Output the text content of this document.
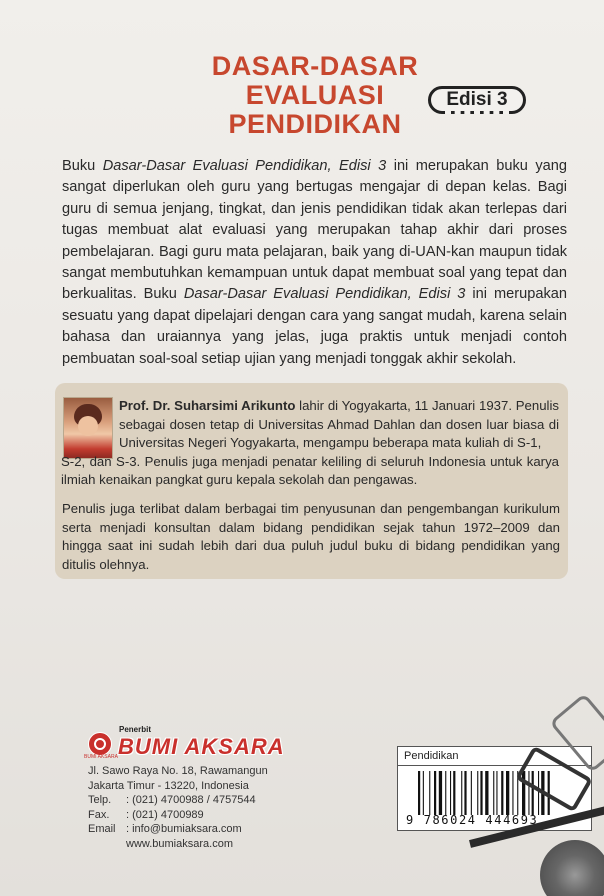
DASAR-DASAR
EVALUASI
PENDIDIKAN
Edisi 3

Buku Dasar-Dasar Evaluasi Pendidikan, Edisi 3 ini merupakan buku yang sangat diperlukan oleh guru yang bertugas mengajar di depan kelas. Bagi guru di semua jenjang, tingkat, dan jenis pendidikan tidak akan terlepas dari tugas membuat alat evaluasi yang merupakan tahap akhir dari proses pembelajaran. Bagi guru mata pelajaran, baik yang di-UAN-kan maupun tidak sangat membutuhkan kemampuan untuk dapat membuat soal yang tepat dan berkualitas. Buku Dasar-Dasar Evaluasi Pendidikan, Edisi 3 ini merupakan sesuatu yang dapat dipelajari dengan cara yang sangat mudah, karena selain bahasa dan uraiannya yang jelas, juga praktis untuk menjadi contoh pembuatan soal-soal setiap ujian yang menjadi tonggak akhir sekolah.

Prof. Dr. Suharsimi Arikunto lahir di Yogyakarta, 11 Januari 1937. Penulis sebagai dosen tetap di Universitas Ahmad Dahlan dan dosen luar biasa di Universitas Negeri Yogyakarta, mengampu beberapa mata kuliah di S-1,

S-2, dan S-3. Penulis juga menjadi penatar keliling di seluruh Indonesia untuk karya ilmiah kenaikan pangkat guru kepala sekolah dan pengawas.

Penulis juga terlibat dalam berbagai tim penyusunan dan pengembangan kurikulum serta menjadi konsultan dalam bidang pendidikan sejak tahun 1972–2009 dan hingga saat ini sudah lebih dari dua puluh judul buku di bidang pendidikan yang ditulis olehnya.

BUMI AKSARA
Penerbit
BUMI AKSARA
Jl. Sawo Raya No. 18, Rawamangun
Jakarta Timur - 13220, Indonesia
Telp. : (021) 4700988 / 4757544
Fax. : (021) 4700989
Email : info@bumiaksara.com
www.bumiaksara.com
Pendidikan
9 786024 444693
